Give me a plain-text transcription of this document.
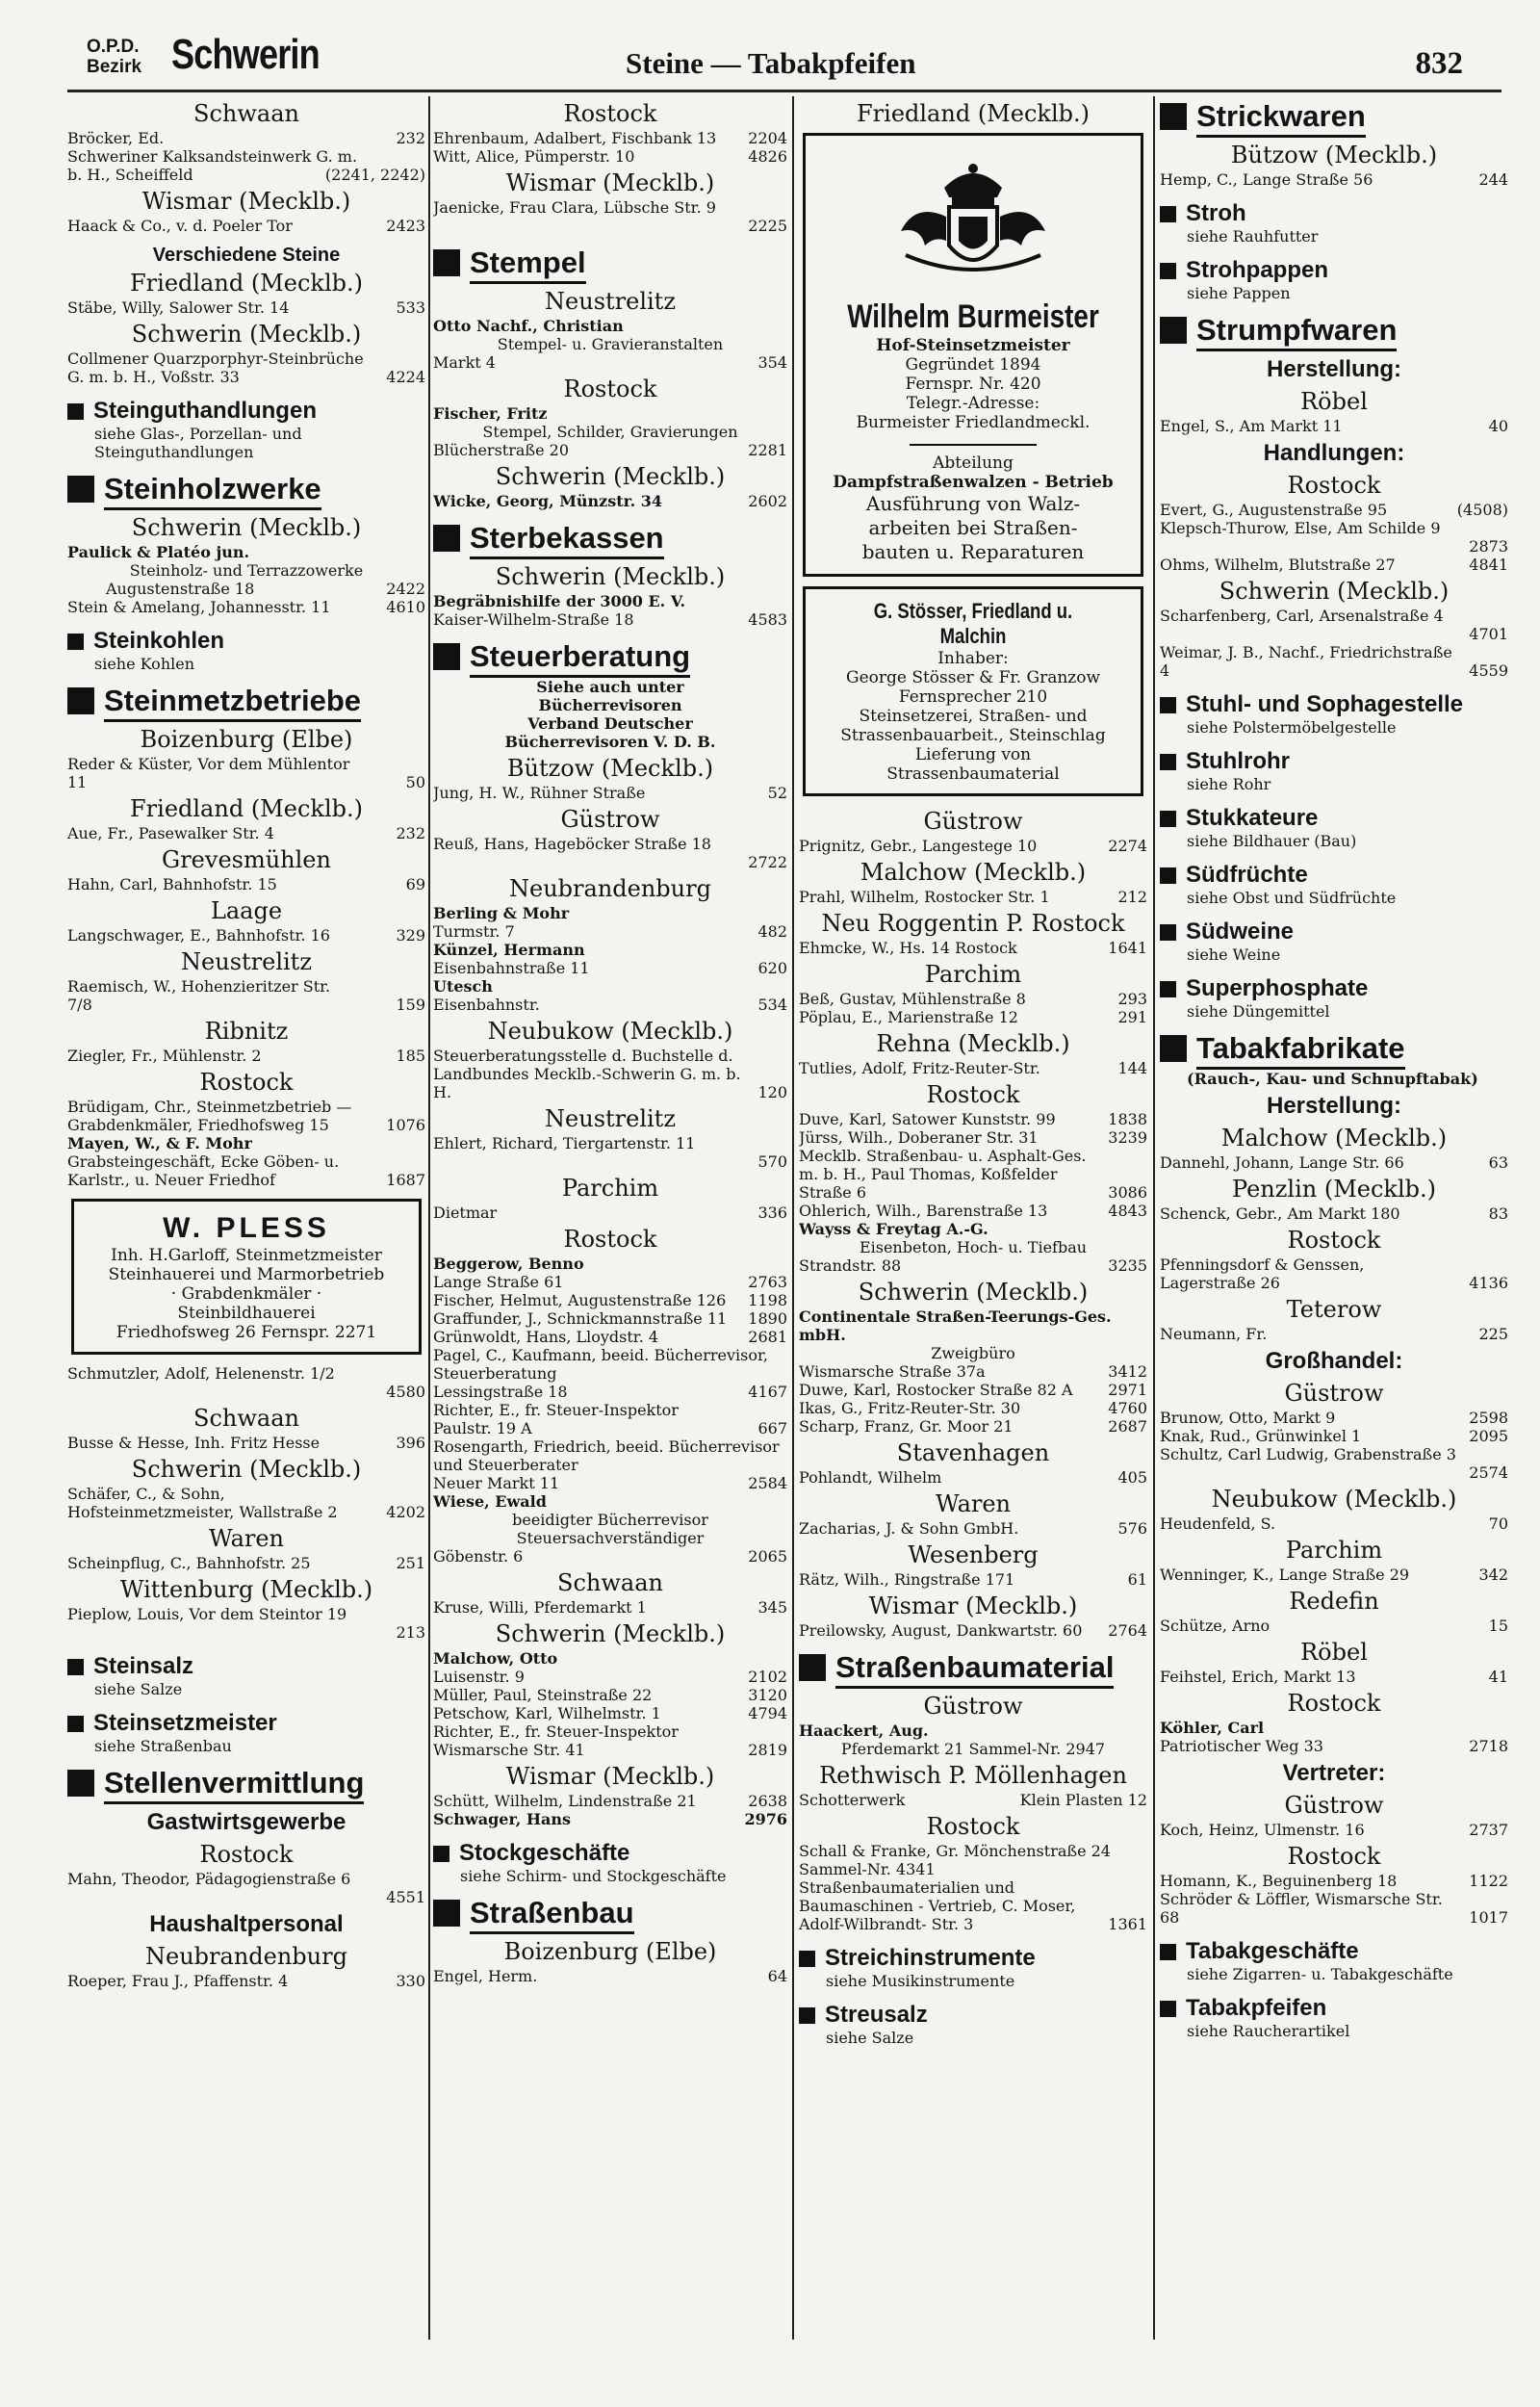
O.P.D.
Bezirk Schwerin	Steine — Tabakpfeifen	832
Schwaan
Bröcker, Ed.	232
Schweriner Kalksandsteinwerk G. m.
b. H., Scheiffeld	(2241, 2242)
Wismar (Mecklb.)
Haack & Co., v. d. Poeler Tor	2423
Verschiedene Steine
Friedland (Mecklb.)
Stäbe, Willy, Salower Str. 14	533
Schwerin (Mecklb.)
Collmener Quarzporphyr-Steinbrüche
G. m. b. H., Voßstr. 33	4224
Steinguthandlungen
siehe Glas-, Porzellan- und Steinguthandlungen
Steinholzwerke
Schwerin (Mecklb.)
Paulick & Platéo jun.
Steinholz- und Terrazzowerke
Augustenstraße 18	2422
Stein & Amelang, Johannesstr. 11	4610
Steinkohlen
siehe Kohlen
Steinmetzbetriebe
Boizenburg (Elbe)
Reder & Küster, Vor dem Mühlentor
11	50
Friedland (Mecklb.)
Aue, Fr., Pasewalker Str. 4	232
Grevesmühlen
Hahn, Carl, Bahnhofstr. 15	69
Laage
Langschwager, E., Bahnhofstr. 16	329
Neustrelitz
Raemisch, W., Hohenzieritzer Str.
7/8	159
Ribnitz
Ziegler, Fr., Mühlenstr. 2	185
Rostock
Brüdigam, Chr., Steinmetzbetrieb — Grabdenkmäler, Friedhofsweg 15	1076
Mayen, W., & F. Mohr
Grabsteingeschäft, Ecke Göben- u. Karlstr., u. Neuer Friedhof	1687
W. PLESS
Inh. H.Garloff, Steinmetzmeister
Steinhauerei und Marmorbetrieb
· Grabdenkmäler ·
Steinbildhauerei
Friedhofsweg 26 Fernspr. 2271
Schmutzler, Adolf, Helenenstr. 1/2
4580
Schwaan
Busse & Hesse, Inh. Fritz Hesse	396
Schwerin (Mecklb.)
Schäfer, C., & Sohn, Hofsteinmetzmeister, Wallstraße 2	4202
Waren
Scheinpflug, C., Bahnhofstr. 25	251
Wittenburg (Mecklb.)
Pieplow, Louis, Vor dem Steintor 19
213
Steinsalz
siehe Salze
Steinsetzmeister
siehe Straßenbau
Stellenvermittlung
Gastwirtsgewerbe
Rostock
Mahn, Theodor, Pädagogienstraße 6
4551
Haushaltpersonal
Neubrandenburg
Roeper, Frau J., Pfaffenstr. 4	330
Rostock
Ehrenbaum, Adalbert, Fischbank 13	2204
Witt, Alice, Pümperstr. 10	4826
Wismar (Mecklb.)
Jaenicke, Frau Clara, Lübsche Str. 9
2225
Stempel
Neustrelitz
Otto Nachf., Christian
Stempel- u. Gravieranstalten
Markt 4	354
Rostock
Fischer, Fritz
Stempel, Schilder, Gravierungen
Blücherstraße 20	2281
Schwerin (Mecklb.)
Wicke, Georg, Münzstr. 34	2602
Sterbekassen
Schwerin (Mecklb.)
Begräbnishilfe der 3000 E. V.
Kaiser-Wilhelm-Straße 18	4583
Steuerberatung
Siehe auch unter
Bücherrevisoren
Verband Deutscher
Bücherrevisoren V. D. B.
Bützow (Mecklb.)
Jung, H. W., Rühner Straße	52
Güstrow
Reuß, Hans, Hageböcker Straße 18
2722
Neubrandenburg
Berling & Mohr
Turmstr. 7	482
Künzel, Hermann
Eisenbahnstraße 11	620
Utesch
Eisenbahnstr.	534
Neubukow (Mecklb.)
Steuerberatungsstelle d. Buchstelle d. Landbundes Mecklb.-Schwerin G. m. b. H.	120
Neustrelitz
Ehlert, Richard, Tiergartenstr. 11
570
Parchim
Dietmar	336
Rostock
Beggerow, Benno
Lange Straße 61	2763
Fischer, Helmut, Augustenstraße 126	1198
Graffunder, J., Schnickmannstraße 11	1890
Grünwoldt, Hans, Lloydstr. 4	2681
Pagel, C., Kaufmann, beeid. Bücherrevisor, Steuerberatung
Lessingstraße 18	4167
Richter, E., fr. Steuer-Inspektor
Paulstr. 19 A	667
Rosengarth, Friedrich, beeid. Bücherrevisor und Steuerberater
Neuer Markt 11	2584
Wiese, Ewald
beeidigter Bücherrevisor
Steuersachverständiger
Göbenstr. 6	2065
Schwaan
Kruse, Willi, Pferdemarkt 1	345
Schwerin (Mecklb.)
Malchow, Otto
Luisenstr. 9	2102
Müller, Paul, Steinstraße 22	3120
Petschow, Karl, Wilhelmstr. 1	4794
Richter, E., fr. Steuer-Inspektor
Wismarsche Str. 41	2819
Wismar (Mecklb.)
Schütt, Wilhelm, Lindenstraße 21	2638
Schwager, Hans	2976
Stockgeschäfte
siehe Schirm- und Stockgeschäfte
Straßenbau
Boizenburg (Elbe)
Engel, Herm.	64
Friedland (Mecklb.)
Wilhelm Burmeister
Hof-Steinsetzmeister
Gegründet 1894
Fernspr. Nr. 420
Telegr.-Adresse:
Burmeister Friedlandmeckl.
Abteilung
Dampfstraßenwalzen - Betrieb
Ausführung von Walz-
arbeiten bei Straßen-
bauten u. Reparaturen
G. Stösser, Friedland u. Malchin
Inhaber:
George Stösser & Fr. Granzow
Fernsprecher 210
Steinsetzerei, Straßen- und
Strassenbauarbeit., Steinschlag
Lieferung von
Strassenbaumaterial
Güstrow
Prignitz, Gebr., Langestege 10	2274
Malchow (Mecklb.)
Prahl, Wilhelm, Rostocker Str. 1	212
Neu Roggentin P. Rostock
Ehmcke, W., Hs. 14 Rostock	1641
Parchim
Beß, Gustav, Mühlenstraße 8	293
Pöplau, E., Marienstraße 12	291
Rehna (Mecklb.)
Tutlies, Adolf, Fritz-Reuter-Str.	144
Rostock
Duve, Karl, Satower Kunststr. 99	1838
Jürss, Wilh., Doberaner Str. 31	3239
Mecklb. Straßenbau- u. Asphalt-Ges. m. b. H., Paul Thomas, Koßfelder Straße 6	3086
Ohlerich, Wilh., Barenstraße 13	4843
Wayss & Freytag A.-G.
Eisenbeton, Hoch- u. Tiefbau
Strandstr. 88	3235
Schwerin (Mecklb.)
Continentale Straßen-Teerungs-Ges. mbH.
Zweigbüro
Wismarsche Straße 37a	3412
Duwe, Karl, Rostocker Straße 82 A	2971
Ikas, G., Fritz-Reuter-Str. 30	4760
Scharp, Franz, Gr. Moor 21	2687
Stavenhagen
Pohlandt, Wilhelm	405
Waren
Zacharias, J. & Sohn GmbH.	576
Wesenberg
Rätz, Wilh., Ringstraße 171	61
Wismar (Mecklb.)
Preilowsky, August, Dankwartstr. 60	2764
Straßenbaumaterial
Güstrow
Haackert, Aug.
Pferdemarkt 21 Sammel-Nr. 2947
Rethwisch P. Möllenhagen
Schotterwerk	Klein Plasten 12
Rostock
Schall & Franke, Gr. Mönchenstraße 24 Sammel-Nr. 4341
Straßenbaumaterialien und Baumaschinen - Vertrieb, C. Moser, Adolf-Wilbrandt- Str. 3	1361
Streichinstrumente
siehe Musikinstrumente
Streusalz
siehe Salze
Strickwaren
Bützow (Mecklb.)
Hemp, C., Lange Straße 56	244
Stroh
siehe Rauhfutter
Strohpappen
siehe Pappen
Strumpfwaren
Herstellung:
Röbel
Engel, S., Am Markt 11	40
Handlungen:
Rostock
Evert, G., Augustenstraße 95	(4508)
Klepsch-Thurow, Else, Am Schilde 9
2873
Ohms, Wilhelm, Blutstraße 27	4841
Schwerin (Mecklb.)
Scharfenberg, Carl, Arsenalstraße 4
4701
Weimar, J. B., Nachf., Friedrichstraße 4	4559
Stuhl- und Sophagestelle
siehe Polstermöbelgestelle
Stuhlrohr
siehe Rohr
Stukkateure
siehe Bildhauer (Bau)
Südfrüchte
siehe Obst und Südfrüchte
Südweine
siehe Weine
Superphosphate
siehe Düngemittel
Tabakfabrikate
(Rauch-, Kau- und Schnupftabak)
Herstellung:
Malchow (Mecklb.)
Dannehl, Johann, Lange Str. 66	63
Penzlin (Mecklb.)
Schenck, Gebr., Am Markt 180	83
Rostock
Pfenningsdorf & Genssen, Lagerstraße 26	4136
Teterow
Neumann, Fr.	225
Großhandel:
Güstrow
Brunow, Otto, Markt 9	2598
Knak, Rud., Grünwinkel 1	2095
Schultz, Carl Ludwig, Grabenstraße 3
2574
Neubukow (Mecklb.)
Heudenfeld, S.	70
Parchim
Wenninger, K., Lange Straße 29	342
Redefin
Schütze, Arno	15
Röbel
Feihstel, Erich, Markt 13	41
Rostock
Köhler, Carl
Patriotischer Weg 33	2718
Vertreter:
Güstrow
Koch, Heinz, Ulmenstr. 16	2737
Rostock
Homann, K., Beguinenberg 18	1122
Schröder & Löffler, Wismarsche Str. 68	1017
Tabakgeschäfte
siehe Zigarren- u. Tabakgeschäfte
Tabakpfeifen
siehe Raucherartikel
